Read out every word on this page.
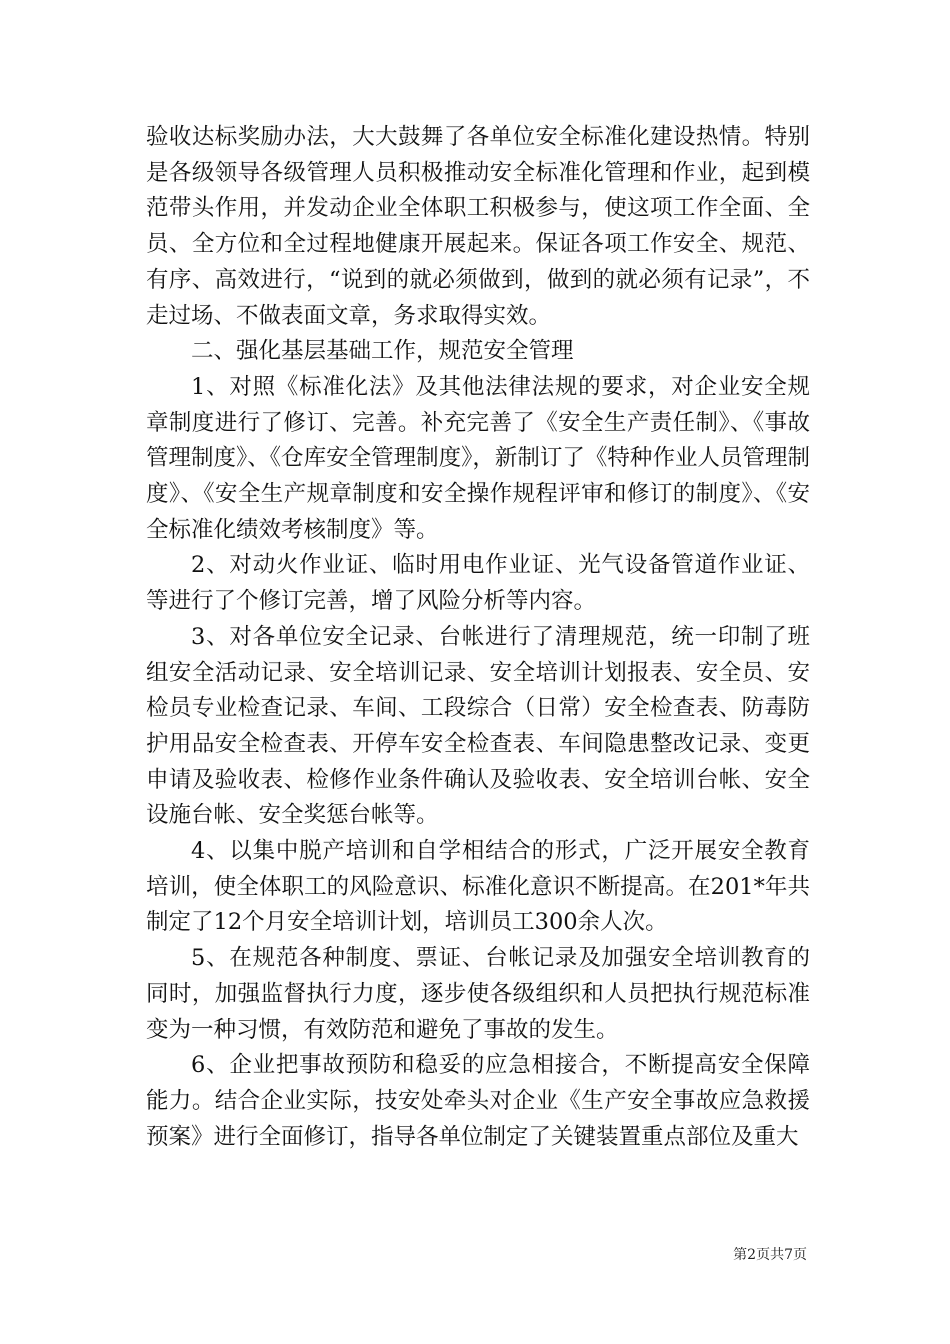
验收达标奖励办法，大大鼓舞了各单位安全标准化建设热情。特别是各级领导各级管理人员积极推动安全标准化管理和作业，起到模范带头作用，并发动企业全体职工积极参与，使这项工作全面、全员、全方位和全过程地健康开展起来。保证各项工作安全、规范、有序、高效进行，“说到的就必须做到，做到的就必须有记录”，不走过场、不做表面文章，务求取得实效。

二、强化基层基础工作，规范安全管理

1、对照《标准化法》及其他法律法规的要求，对企业安全规章制度进行了修订、完善。补充完善了《安全生产责任制》、《事故管理制度》、《仓库安全管理制度》，新制订了《特种作业人员管理制度》、《安全生产规章制度和安全操作规程评审和修订的制度》、《安全标准化绩效考核制度》等。

2、对动火作业证、临时用电作业证、光气设备管道作业证、等进行了个修订完善，增了风险分析等内容。

3、对各单位安全记录、台帐进行了清理规范，统一印制了班组安全活动记录、安全培训记录、安全培训计划报表、安全员、安检员专业检查记录、车间、工段综合（日常）安全检查表、防毒防护用品安全检查表、开停车安全检查表、车间隐患整改记录、变更申请及验收表、检修作业条件确认及验收表、安全培训台帐、安全设施台帐、安全奖惩台帐等。

4、以集中脱产培训和自学相结合的形式，广泛开展安全教育培训，使全体职工的风险意识、标准化意识不断提高。在201*年共制定了12个月安全培训计划，培训员工300余人次。

5、在规范各种制度、票证、台帐记录及加强安全培训教育的同时，加强监督执行力度，逐步使各级组织和人员把执行规范标准变为一种习惯，有效防范和避免了事故的发生。

6、企业把事故预防和稳妥的应急相接合，不断提高安全保障能力。结合企业实际，技安处牵头对企业《生产安全事故应急救援预案》进行全面修订，指导各单位制定了关键装置重点部位及重大

第2页共7页
